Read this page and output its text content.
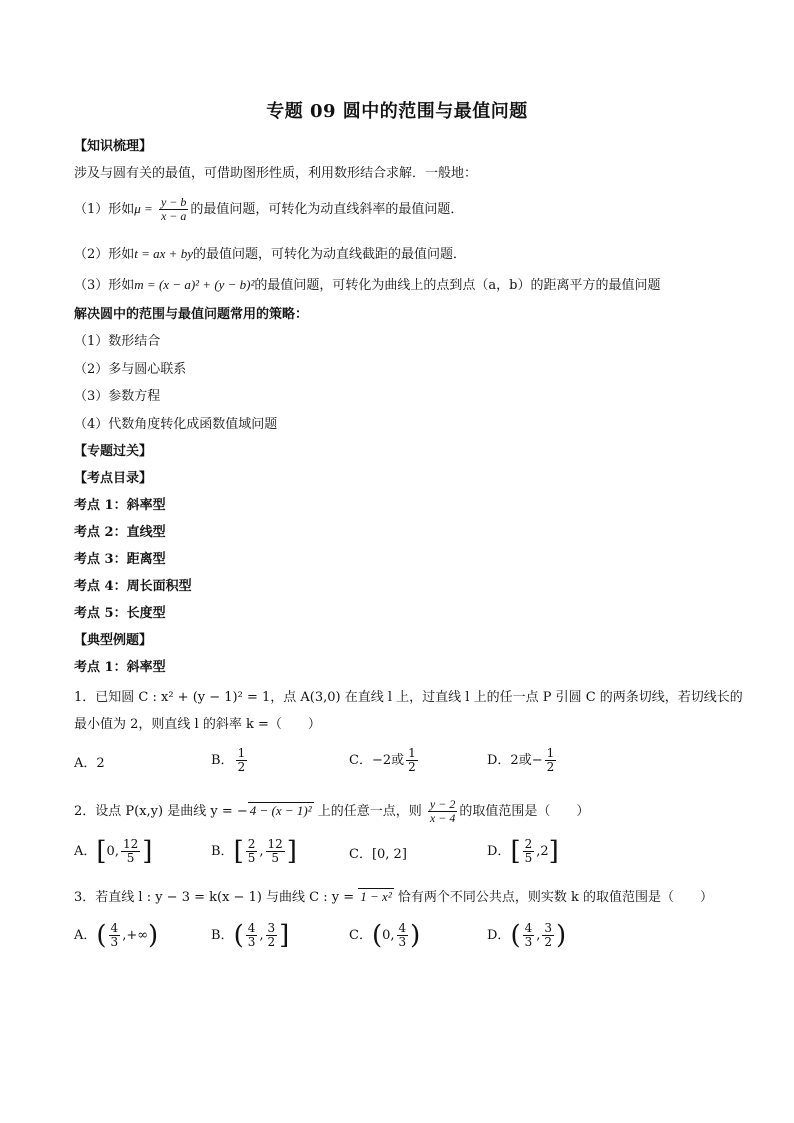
专题 09 圆中的范围与最值问题
【知识梳理】
涉及与圆有关的最值，可借助图形性质，利用数形结合求解．一般地：
（1）形如$\mu = \frac{y - b}{x - a}$ 的最值问题，可转化为动直线斜率的最值问题．
（2）形如t = ax + by的最值问题，可转化为动直线截距的最值问题．
（3）形如m = (x − a)² + (y − b)²的最值问题，可转化为曲线上的点到点（a，b）的距离平方的最值问题
解决圆中的范围与最值问题常用的策略：
（1）数形结合
（2）多与圆心联系
（3）参数方程
（4）代数角度转化成函数值域问题
【专题过关】
【考点目录】
考点 1：斜率型
考点 2：直线型
考点 3：距离型
考点 4：周长面积型
考点 5：长度型
【典型例题】
考点 1：斜率型
1．已知圆 C : x² + (y − 1)² = 1，点 A(3,0) 在直线 l 上，过直线 l 上的任一点 P 引圆 C 的两条切线，若切线长的
最小值为 2，则直线 l 的斜率 k =（　　）
A．2	B． $\frac{1}{2}$	C．−2或 $\frac{1}{2}$	D．2或− $\frac{1}{2}$
2．设点 P(x,y) 是曲线 y = − 4 − (x − 1)² 上的任意一点，则 $\frac{y - 2}{x - 4}$ 的取值范围是（　　）
A．[0, $\frac{12}{5}$ ]	B．[ $\frac{2}{5}$ , $\frac{12}{5}$ ]	C．[0, 2]	D．[ $\frac{2}{5} ,2$]
3．若直线 l : y − 3 = k(x − 1) 与曲线 C : y = 1 − x² 恰有两个不同公共点，则实数 k 的取值范围是（　　）
A．( $\frac{4}{3}$ ,+∞)	B．( $\frac{4}{3}$ , $\frac{3}{2}$ ]	C．(0, $\frac{4}{3}$ )	D．( $\frac{4}{3}$ , $\frac{3}{2}$ )
